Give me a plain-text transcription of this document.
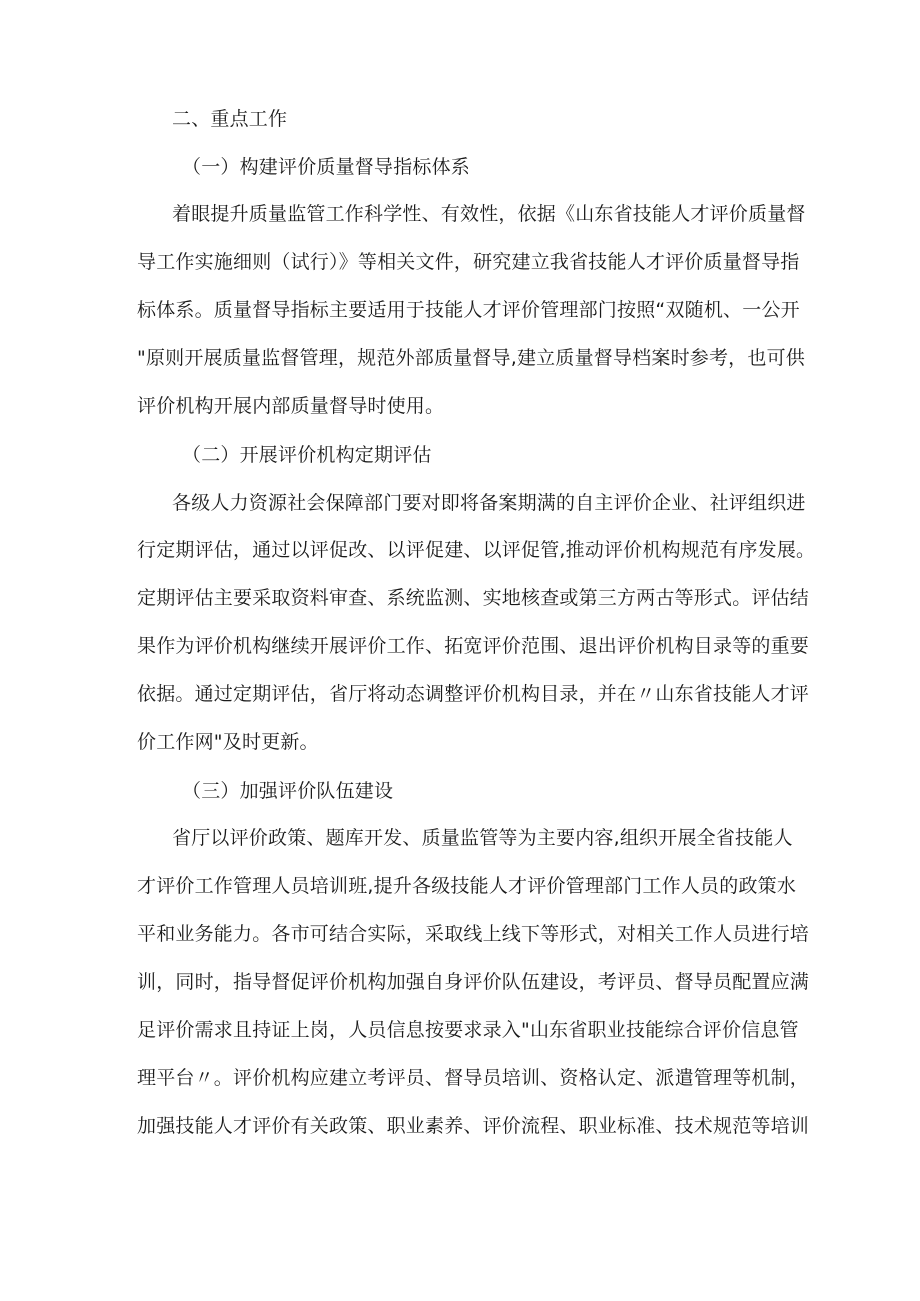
二、重点工作
（一）构建评价质量督导指标体系
着眼提升质量监管工作科学性、有效性，依据《山东省技能人才评价质量督
导工作实施细则（试行）》等相关文件，研究建立我省技能人才评价质量督导指
标体系。质量督导指标主要适用于技能人才评价管理部门按照“双随机、一公开
"原则开展质量监督管理，规范外部质量督导,建立质量督导档案时参考，也可供
评价机构开展内部质量督导时使用。
（二）开展评价机构定期评估
各级人力资源社会保障部门要对即将备案期满的自主评价企业、社评组织进
行定期评估，通过以评促改、以评促建、以评促管,推动评价机构规范有序发展。
定期评估主要采取资料审查、系统监测、实地核查或第三方两古等形式。评估结
果作为评价机构继续开展评价工作、拓宽评价范围、退出评价机构目录等的重要
依据。通过定期评估，省厅将动态调整评价机构目录，并在〃山东省技能人才评
价工作网"及时更新。
（三）加强评价队伍建设
省厅以评价政策、题库开发、质量监管等为主要内容,组织开展全省技能人
才评价工作管理人员培训班,提升各级技能人才评价管理部门工作人员的政策水
平和业务能力。各市可结合实际，采取线上线下等形式，对相关工作人员进行培
训，同时，指导督促评价机构加强自身评价队伍建设，考评员、督导员配置应满
足评价需求且持证上岗，人员信息按要求录入"山东省职业技能综合评价信息管
理平台〃。评价机构应建立考评员、督导员培训、资格认定、派遣管理等机制，
加强技能人才评价有关政策、职业素养、评价流程、职业标准、技术规范等培训
